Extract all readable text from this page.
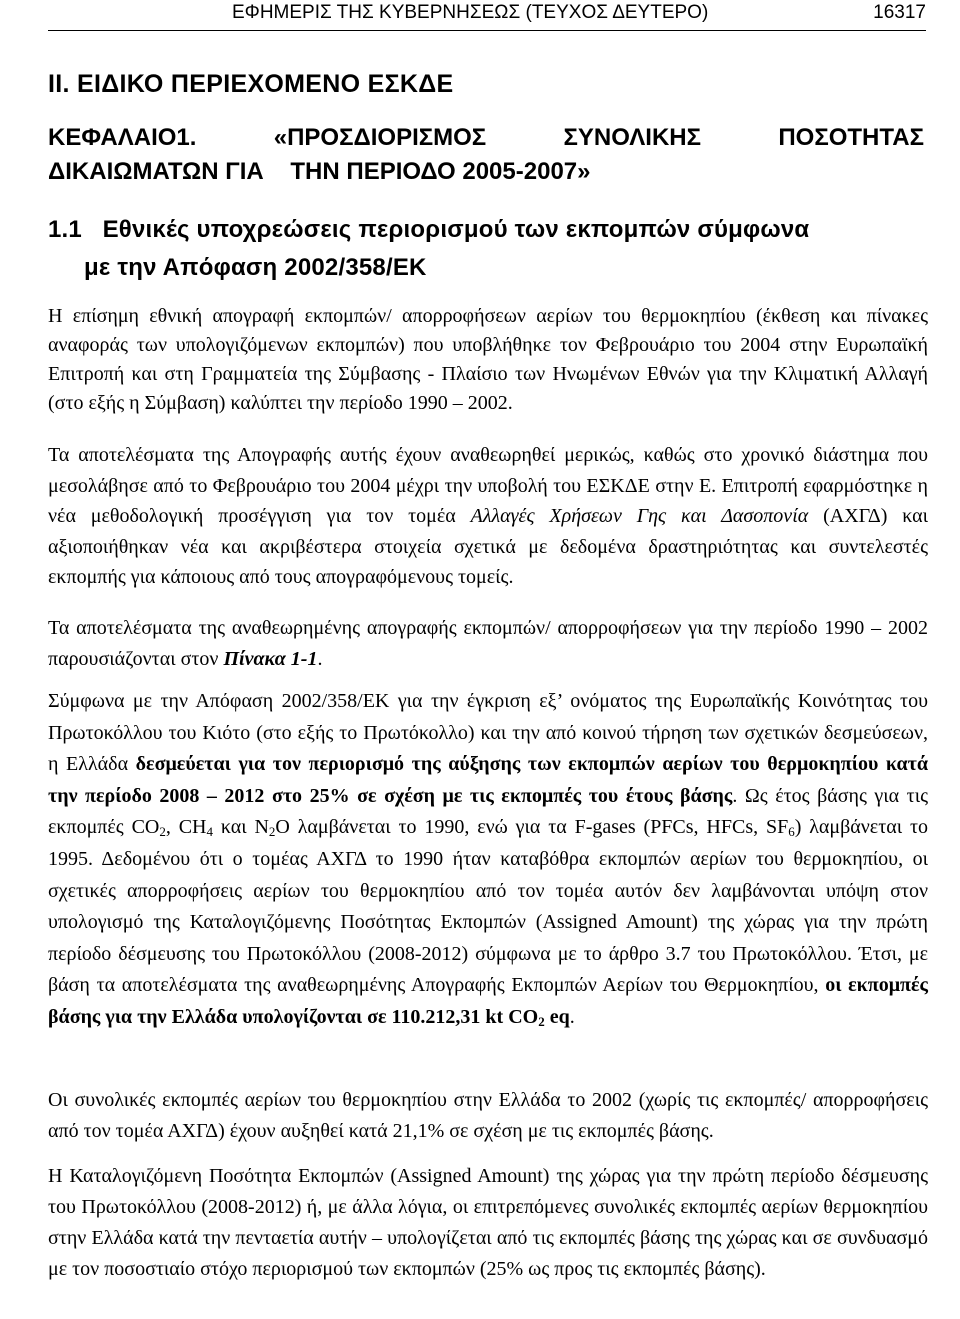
ΕΦΗΜΕΡΙΣ ΤΗΣ ΚΥΒΕΡΝΗΣΕΩΣ (ΤΕΥΧΟΣ ΔΕΥΤΕΡΟ)	16317
ΙΙ. ΕΙΔΙΚΟ ΠΕΡΙΕΧΟΜΕΝΟ ΕΣΚΔΕ
ΚΕΦΑΛΑΙΟ1.	«ΠΡΟΣΔΙΟΡΙΣΜΟΣ	ΣΥΝΟΛΙΚΗΣ	ΠΟΣΟΤΗΤΑΣ
ΔΙΚΑΙΩΜΑΤΩΝ ΓΙΑ    ΤΗΝ ΠΕΡΙΟΔΟ 2005-2007»
1.1   Εθνικές υποχρεώσεις περιορισμού των εκπομπών σύμφωνα
με την Απόφαση 2002/358/ΕΚ
Η επίσημη εθνική απογραφή εκπομπών/ απορροφήσεων αερίων του θερμοκηπίου (έκθεση και πίνακες αναφοράς των υπολογιζόμενων εκπομπών) που υποβλήθηκε τον Φεβρουάριο του 2004 στην Ευρωπαϊκή Επιτροπή και στη Γραμματεία της Σύμβασης - Πλαίσιο των Ηνωμένων Εθνών για την Κλιματική Αλλαγή (στο εξής η Σύμβαση) καλύπτει την περίοδο 1990 – 2002.
Τα αποτελέσματα της Απογραφής αυτής έχουν αναθεωρηθεί μερικώς, καθώς στο χρονικό διάστημα που μεσολάβησε από το Φεβρουάριο του 2004 μέχρι την υποβολή του ΕΣΚΔΕ στην Ε. Επιτροπή εφαρμόστηκε η νέα μεθοδολογική προσέγγιση για τον τομέα Αλλαγές Χρήσεων Γης και Δασοπονία (ΑΧΓΔ) και αξιοποιήθηκαν νέα και ακριβέστερα στοιχεία σχετικά με δεδομένα δραστηριότητας και συντελεστές εκπομπής για κάποιους από τους απογραφόμενους τομείς.
Τα αποτελέσματα της αναθεωρημένης απογραφής εκπομπών/ απορροφήσεων για την περίοδο 1990 – 2002 παρουσιάζονται στον Πίνακα 1-1.
Σύμφωνα με την Απόφαση 2002/358/ΕΚ για την έγκριση εξ’ ονόματος της Ευρωπαϊκής Κοινότητας του Πρωτοκόλλου του Κιότο (στο εξής το Πρωτόκολλο) και την από κοινού τήρηση των σχετικών δεσμεύσεων, η Ελλάδα δεσμεύεται για τον περιορισμό της αύξησης των εκπομπών αερίων του θερμοκηπίου κατά την περίοδο 2008 – 2012 στο 25% σε σχέση με τις εκπομπές του έτους βάσης. Ως έτος βάσης για τις εκπομπές $CO_2$, $CH_4$ και $N_2O$ λαμβάνεται το 1990, ενώ για τα F-gases (PFCs, HFCs, $SF_6$) λαμβάνεται το 1995. Δεδομένου ότι ο τομέας ΑΧΓΔ το 1990 ήταν καταβόθρα εκπομπών αερίων του θερμοκηπίου, οι σχετικές απορροφήσεις αερίων του θερμοκηπίου από τον τομέα αυτόν δεν λαμβάνονται υπόψη στον υπολογισμό της Καταλογιζόμενης Ποσότητας Εκπομπών (Assigned Amount) της χώρας για την πρώτη περίοδο δέσμευσης του Πρωτοκόλλου (2008-2012) σύμφωνα με το άρθρο 3.7 του Πρωτοκόλλου. Έτσι, με βάση τα αποτελέσματα της αναθεωρημένης Απογραφής Εκπομπών Αερίων του Θερμοκηπίου, οι εκπομπές βάσης για την Ελλάδα υπολογίζονται σε 110.212,31 kt $CO_2$ eq.
Οι συνολικές εκπομπές αερίων του θερμοκηπίου στην Ελλάδα το 2002 (χωρίς τις εκπομπές/ απορροφήσεις από τον τομέα ΑΧΓΔ) έχουν αυξηθεί κατά 21,1% σε σχέση με τις εκπομπές βάσης.
Η Καταλογιζόμενη Ποσότητα Εκπομπών (Assigned Amount) της χώρας για την πρώτη περίοδο δέσμευσης του Πρωτοκόλλου (2008-2012) ή, με άλλα λόγια, οι επιτρεπόμενες συνολικές εκπομπές αερίων θερμοκηπίου στην Ελλάδα κατά την πενταετία αυτήν – υπολογίζεται από τις εκπομπές βάσης της χώρας και σε συνδυασμό με τον ποσοστιαίο στόχο περιορισμού των εκπομπών (25% ως προς τις εκπομπές βάσης).
